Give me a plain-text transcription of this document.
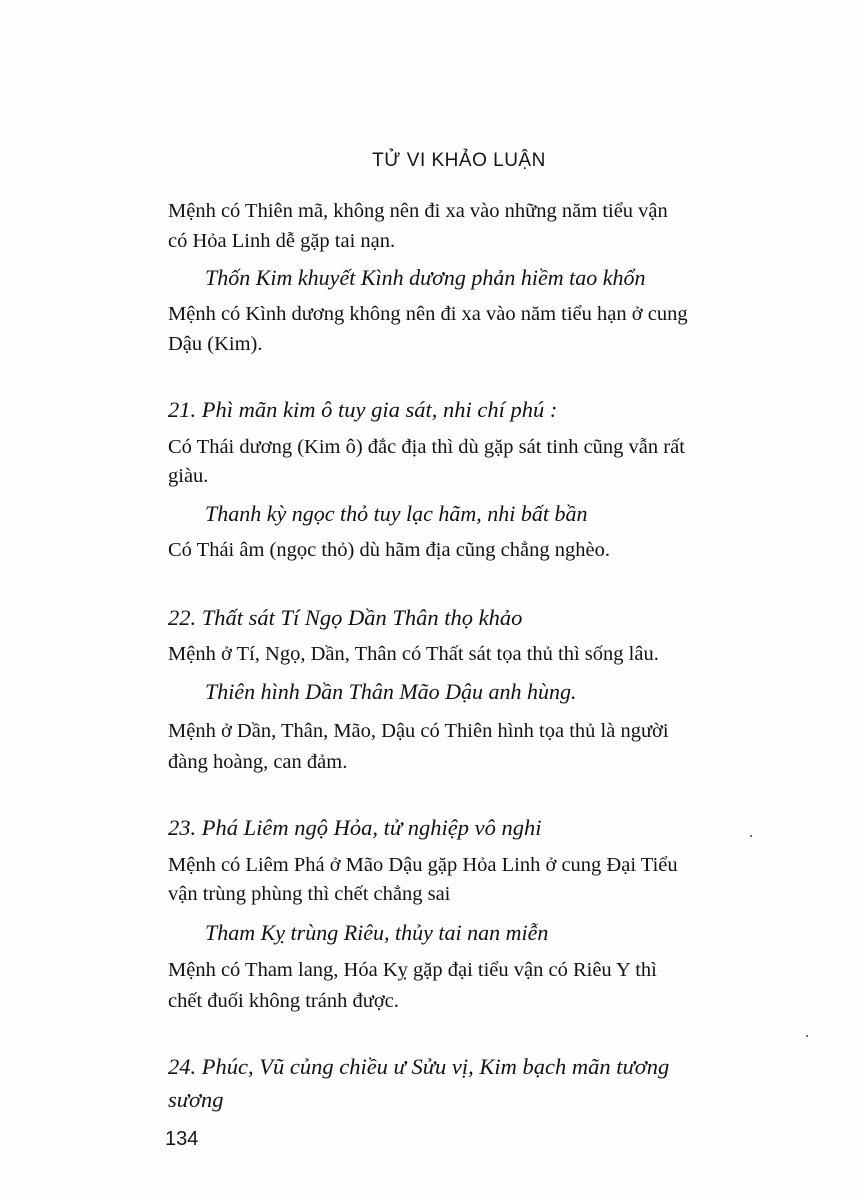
TỬ VI KHẢO LUẬN
Mệnh có Thiên mã, không nên đi xa vào những năm tiểu vận
có Hỏa Linh dễ gặp tai nạn.
Thốn Kim khuyết Kình dương phản hiềm tao khổn
Mệnh có Kình dương không nên đi xa vào năm tiểu hạn ở cung
Dậu (Kim).
21. Phì mãn kim ô tuy gia sát, nhi chí phú :
Có Thái dương (Kim ô) đắc địa thì dù gặp sát tinh cũng vẫn rất
giàu.
Thanh kỳ ngọc thỏ tuy lạc hãm, nhi bất bần
Có Thái âm (ngọc thỏ) dù hãm địa cũng chẳng nghèo.
22. Thất sát Tí Ngọ Dần Thân thọ khảo
Mệnh ở Tí, Ngọ, Dần, Thân có Thất sát tọa thủ thì sống lâu.
Thiên hình Dần Thân Mão Dậu anh hùng.
Mệnh ở Dần, Thân, Mão, Dậu có Thiên hình tọa thủ là người
đàng hoàng, can đảm.
23. Phá Liêm ngộ Hỏa, tử nghiệp vô nghi
Mệnh có Liêm Phá ở Mão Dậu gặp Hỏa Linh ở cung Đại Tiểu
vận trùng phùng thì chết chẳng sai
Tham Kỵ trùng Riêu, thủy tai nan miễn
Mệnh có Tham lang, Hóa Kỵ gặp đại tiểu vận có Riêu Y thì
chết đuối không tránh được.
24. Phúc, Vũ củng chiều ư Sửu vị, Kim bạch mãn tương
sương
134
